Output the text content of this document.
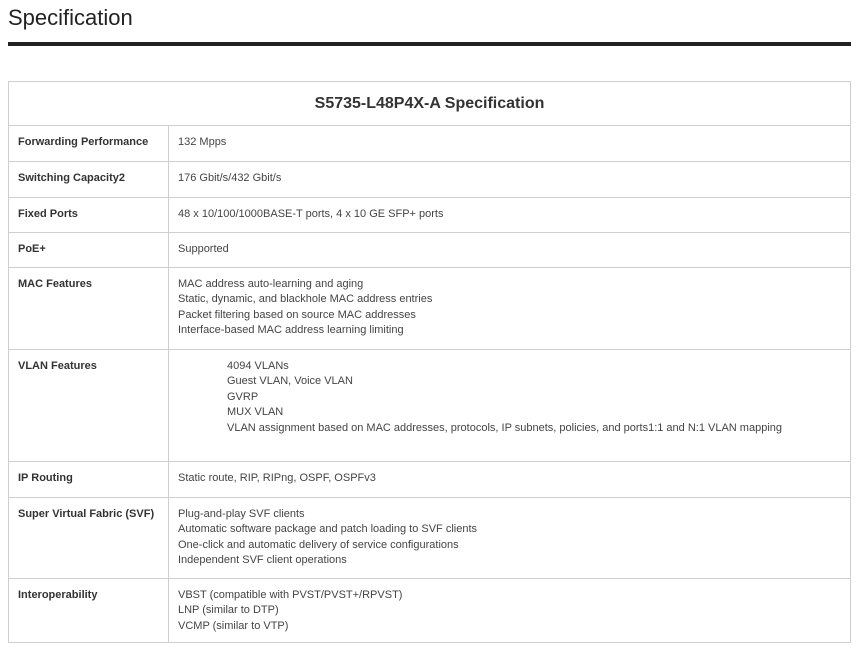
Specification
S5735-L48P4X-A Specification	
Forwarding Performance	132 Mpps

Switching Capacity2	176 Gbit/s/432 Gbit/s

Fixed Ports	48 x 10/100/1000BASE-T ports, 4 x 10 GE SFP+ ports

PoE+	Supported

MAC Features	MAC address auto-learning and aging
Static, dynamic, and blackhole MAC address entries
Packet filtering based on source MAC addresses
Interface-based MAC address learning limiting

VLAN Features	4094 VLANs
Guest VLAN, Voice VLAN
GVRP
MUX VLAN
VLAN assignment based on MAC addresses, protocols, IP subnets, policies, and ports1:1 and N:1 VLAN mapping

IP Routing	Static route, RIP, RIPng, OSPF, OSPFv3

Super Virtual Fabric (SVF)	Plug-and-play SVF clients
Automatic software package and patch loading to SVF clients
One-click and automatic delivery of service configurations
Independent SVF client operations

Interoperability	VBST (compatible with PVST/PVST+/RPVST)
LNP (similar to DTP)
VCMP (similar to VTP)
